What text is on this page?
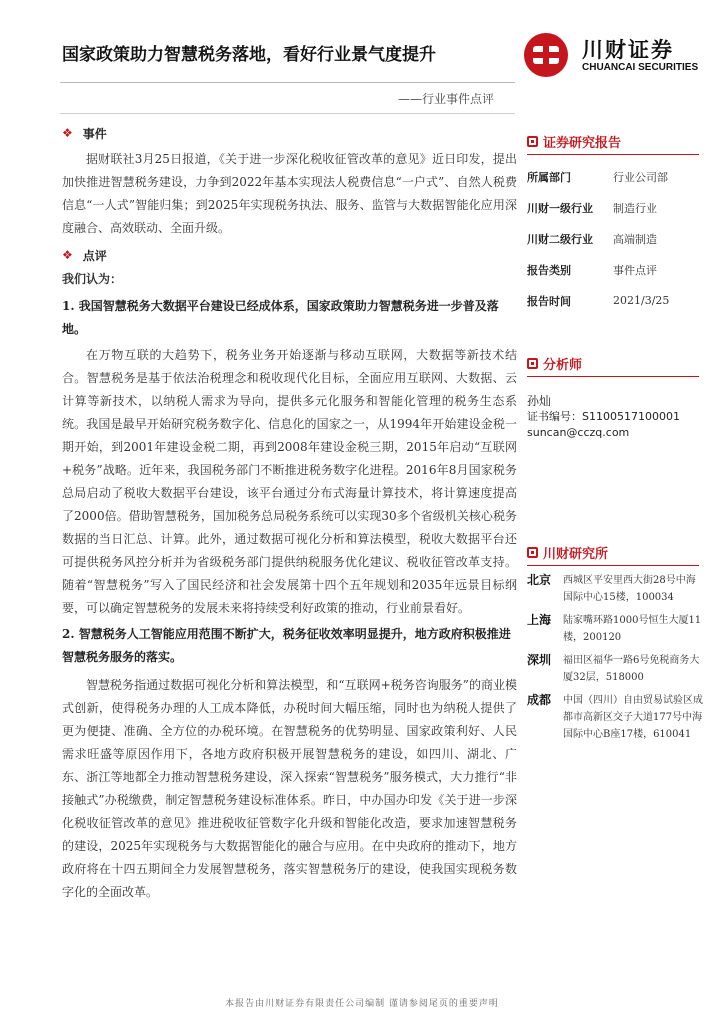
国家政策助力智慧税务落地，看好行业景气度提升
——行业事件点评
川财证券
CHUANCAI SECURITIES
❖ 事件

据财联社3月25日报道，《关于进一步深化税收征管改革的意见》近日印发，提出加快推进智慧税务建设，力争到2022年基本实现法人税费信息“一户式”、自然人税费信息“一人式”智能归集；到2025年实现税务执法、服务、监管与大数据智能化应用深度融合、高效联动、全面升级。

❖ 点评

我们认为：

1. 我国智慧税务大数据平台建设已经成体系，国家政策助力智慧税务进一步普及落地。

在万物互联的大趋势下，税务业务开始逐渐与移动互联网，大数据等新技术结合。智慧税务是基于依法治税理念和税收现代化目标，全面应用互联网、大数据、云计算等新技术，以纳税人需求为导向，提供多元化服务和智能化管理的税务生态系统。我国是最早开始研究税务数字化、信息化的国家之一，从1994年开始建设金税一期开始，到2001年建设金税二期，再到2008年建设金税三期，2015年启动“互联网+税务”战略。近年来，我国税务部门不断推进税务数字化进程。2016年8月国家税务总局启动了税收大数据平台建设，该平台通过分布式海量计算技术，将计算速度提高了2000倍。借助智慧税务，国加税务总局税务系统可以实现30多个省级机关核心税务数据的当日汇总、计算。此外，通过数据可视化分析和算法模型，税收大数据平台还可提供税务风控分析并为省级税务部门提供纳税服务优化建议、税收征管改革支持。随着“智慧税务”写入了国民经济和社会发展第十四个五年规划和2035年远景目标纲要，可以确定智慧税务的发展未来将持续受利好政策的推动，行业前景看好。

2. 智慧税务人工智能应用范围不断扩大，税务征收效率明显提升，地方政府积极推进智慧税务服务的落实。

智慧税务指通过数据可视化分析和算法模型，和“互联网+税务咨询服务”的商业模式创新，使得税务办理的人工成本降低，办税时间大幅压缩，同时也为纳税人提供了更为便捷、准确、全方位的办税环境。在智慧税务的优势明显、国家政策利好、人民需求旺盛等原因作用下，各地方政府积极开展智慧税务的建设，如四川、湖北、广东、浙江等地都全力推动智慧税务建设，深入探索“智慧税务”服务模式，大力推行“非接触式”办税缴费，制定智慧税务建设标准体系。昨日，中办国办印发《关于进一步深化税收征管改革的意见》推进税收征管数字化升级和智能化改造，要求加速智慧税务的建设，2025年实现税务与大数据智能化的融合与应用。在中央政府的推动下，地方政府将在十四五期间全力发展智慧税务，落实智慧税务厅的建设，使我国实现税务数字化的全面改革。

证券研究报告
所属部门	行业公司部
川财一级行业	制造行业
川财二级行业	高端制造
报告类别	事件点评
报告时间	2021/3/25
分析师
孙灿
证书编号：S1100517100001
suncan@cczq.com
川财研究所
北京	西城区平安里西大街28号中海国际中心15楼，100034
上海	陆家嘴环路1000号恒生大厦11楼，200120
深圳	福田区福华一路6号免税商务大厦32层，518000
成都	中国（四川）自由贸易试验区成都市高新区交子大道177号中海国际中心B座17楼，610041
本报告由川财证券有限责任公司编制 谨请参阅尾页的重要声明
